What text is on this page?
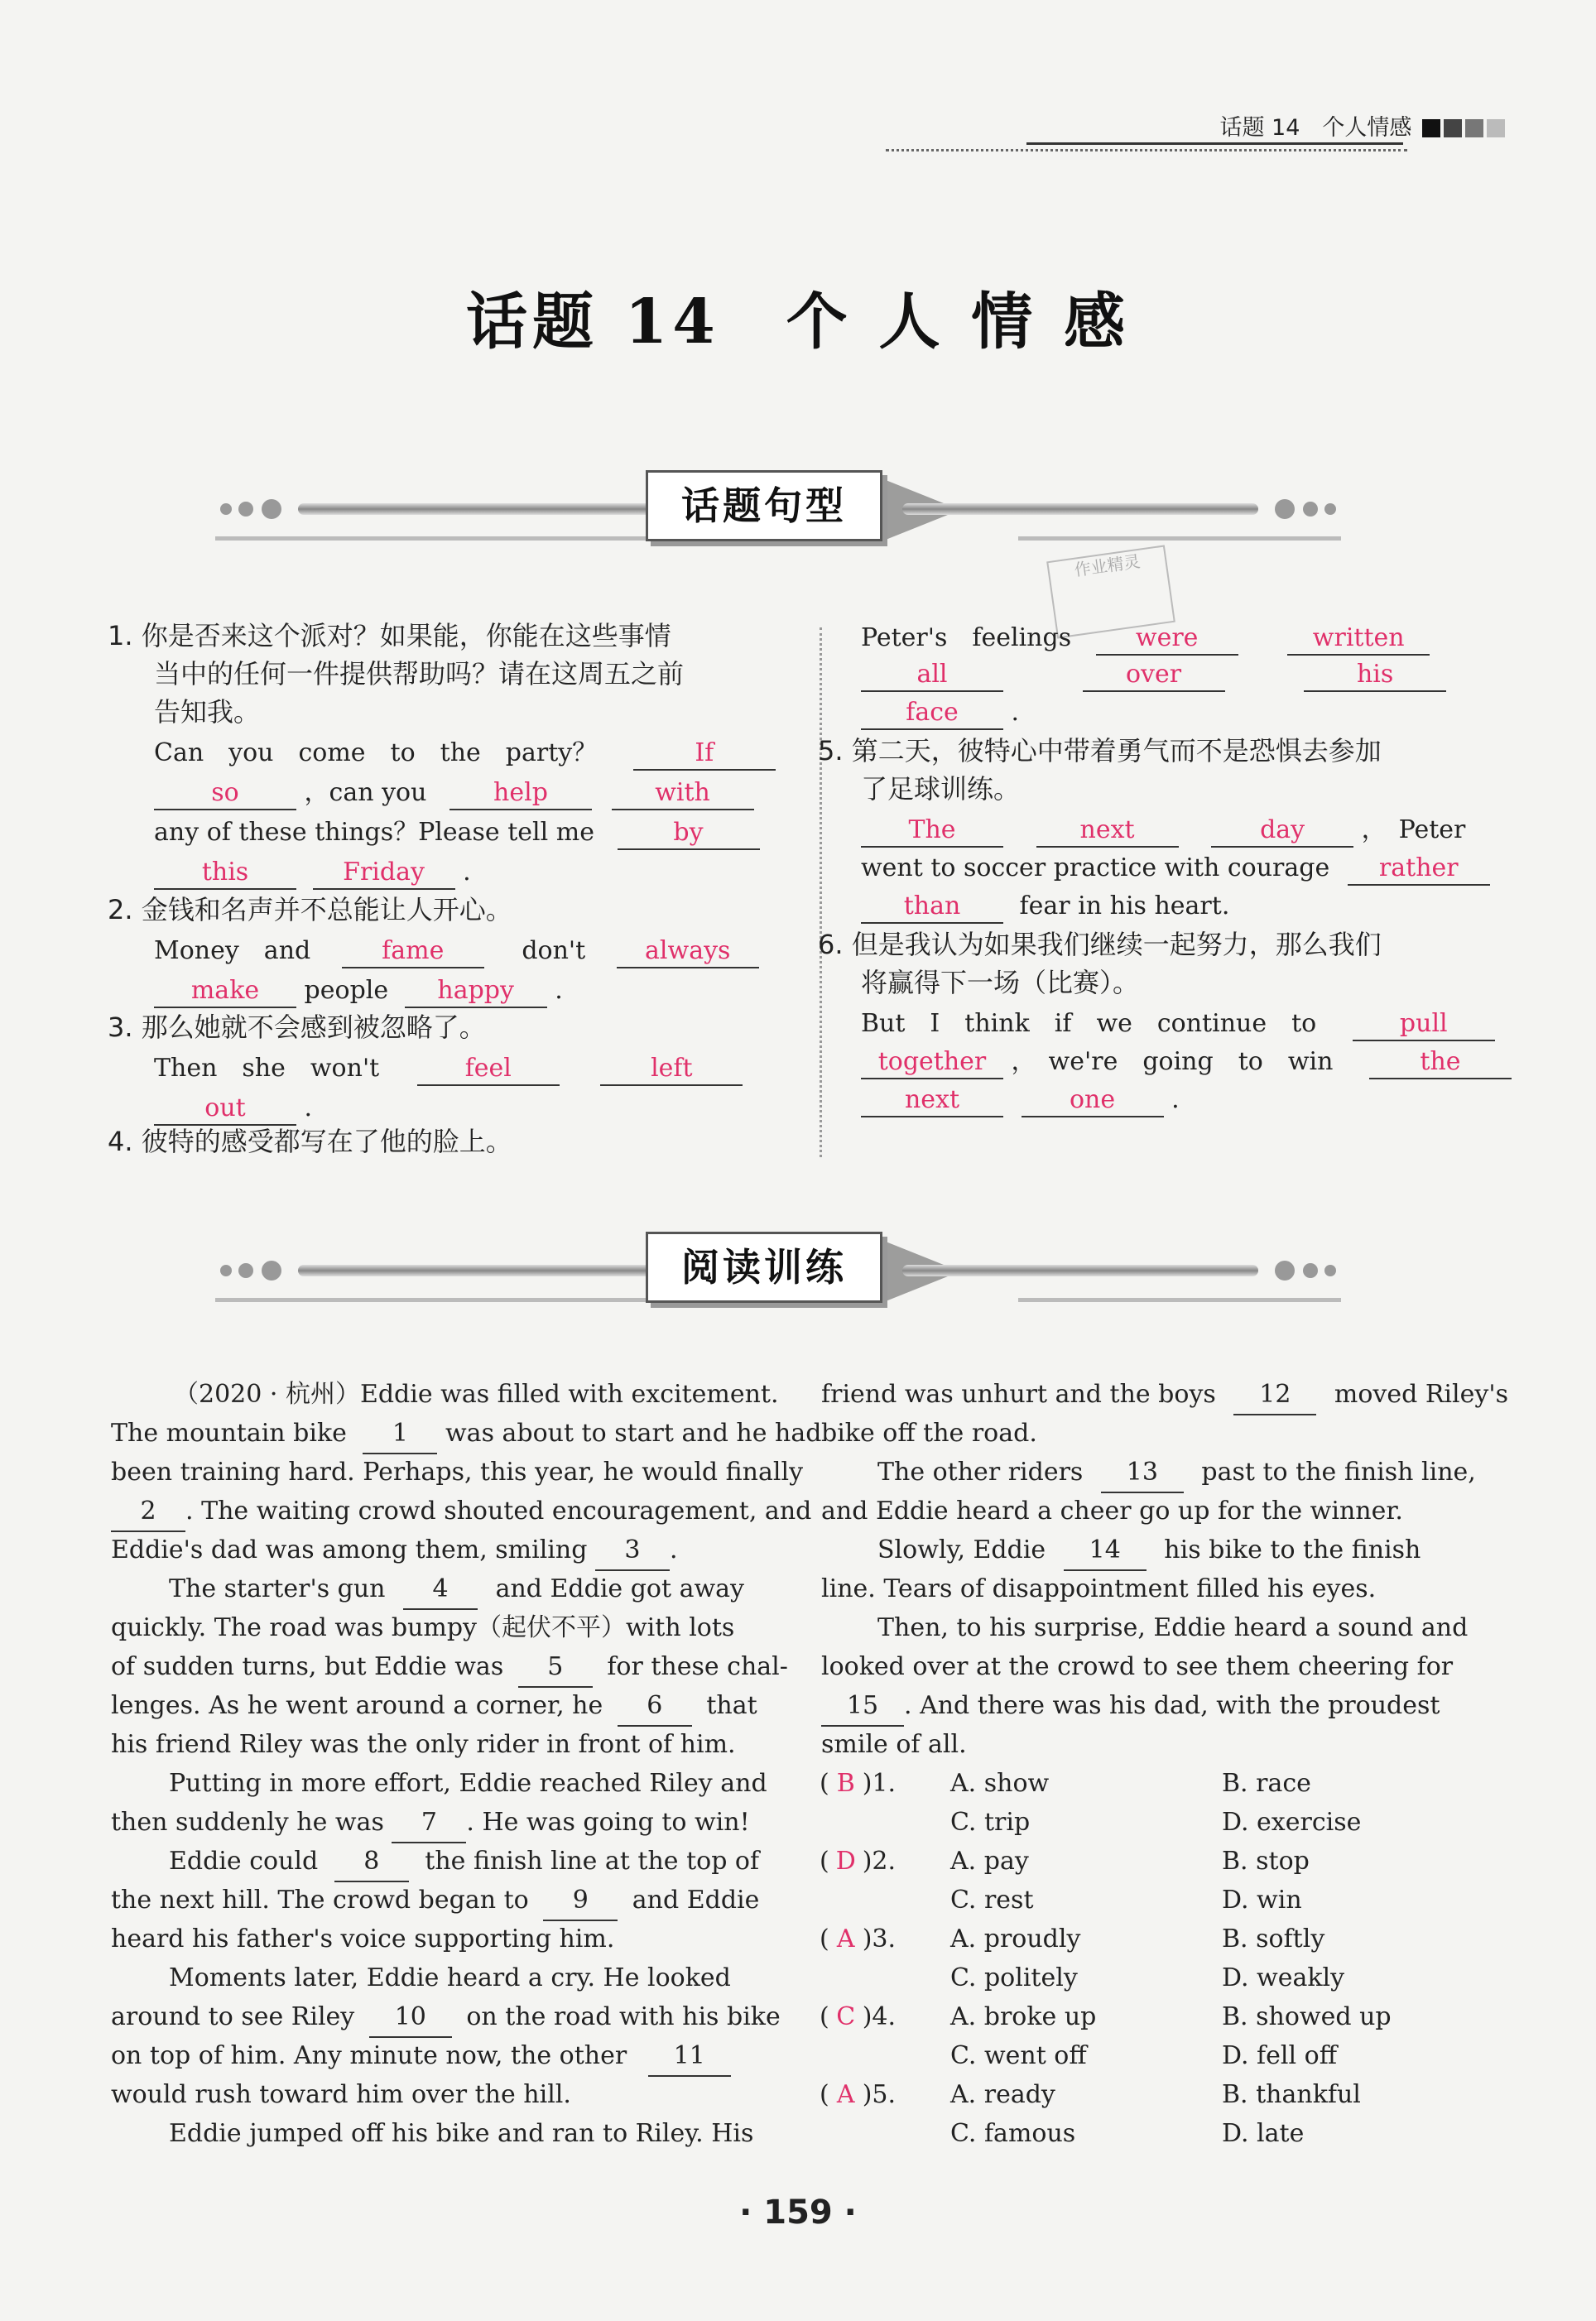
话题 14　个人情感
话题 14　个 人 情 感
话题句型
作业精灵
1. 你是否来这个派对？如果能，你能在这些事情
当中的任何一件提供帮助吗？请在这周五之前
告知我。
Can　you　come　to　the　party？	If
so	，can you	help	with
any of these things？Please tell me	by
this	Friday .
2. 金钱和名声并不总能让人开心。
Money　and	fame	don't always
make people happy .
3. 那么她就不会感到被忽略了。
Then　she　won't	feel	left
out .
4. 彼特的感受都写在了他的脸上。
Peter's　feelings	were	written
all	over	his
face .
5. 第二天，彼特心中带着勇气而不是恐惧去参加
了足球训练。
The	next	day ，　Peter
went to soccer practice with courage rather
than fear in his heart.
6. 但是我认为如果我们继续一起努力，那么我们
将赢得下一场（比赛）。
But　I　think　if　we　continue　to	pull
together ，　we're　going　to　win	the
next	one .
阅读训练
（2020 · 杭州）Eddie was filled with excitement.
The mountain bike 1 was about to start and he had
been training hard. Perhaps, this year, he would finally
2 . The waiting crowd shouted encouragement, and
Eddie's dad was among them, smiling 3 .
The starter's gun 4 and Eddie got away
quickly. The road was bumpy（起伏不平）with lots
of sudden turns, but Eddie was 5 for these chal-
lenges. As he went around a corner, he 6 that
his friend Riley was the only rider in front of him.
Putting in more effort, Eddie reached Riley and
then suddenly he was 7 . He was going to win!
Eddie could 8 the finish line at the top of
the next hill. The crowd began to 9 and Eddie
heard his father's voice supporting him.
Moments later, Eddie heard a cry. He looked
around to see Riley 10 on the road with his bike
on top of him. Any minute now, the other 11
would rush toward him over the hill.
Eddie jumped off his bike and ran to Riley. His
friend was unhurt and the boys 12 moved Riley's
bike off the road.
The other riders 13 past to the finish line,
and Eddie heard a cheer go up for the winner.
Slowly, Eddie 14 his bike to the finish
line. Tears of disappointment filled his eyes.
Then, to his surprise, Eddie heard a sound and
looked over at the crowd to see them cheering for
15 . And there was his dad, with the proudest
smile of all.
( B )1. A. show	B. race
C. trip	D. exercise
( D )2. A. pay	B. stop
C. rest	D. win
( A )3. A. proudly	B. softly
C. politely	D. weakly
( C )4. A. broke up	B. showed up
C. went off	D. fell off
( A )5. A. ready	B. thankful
C. famous	D. late
· 159 ·
